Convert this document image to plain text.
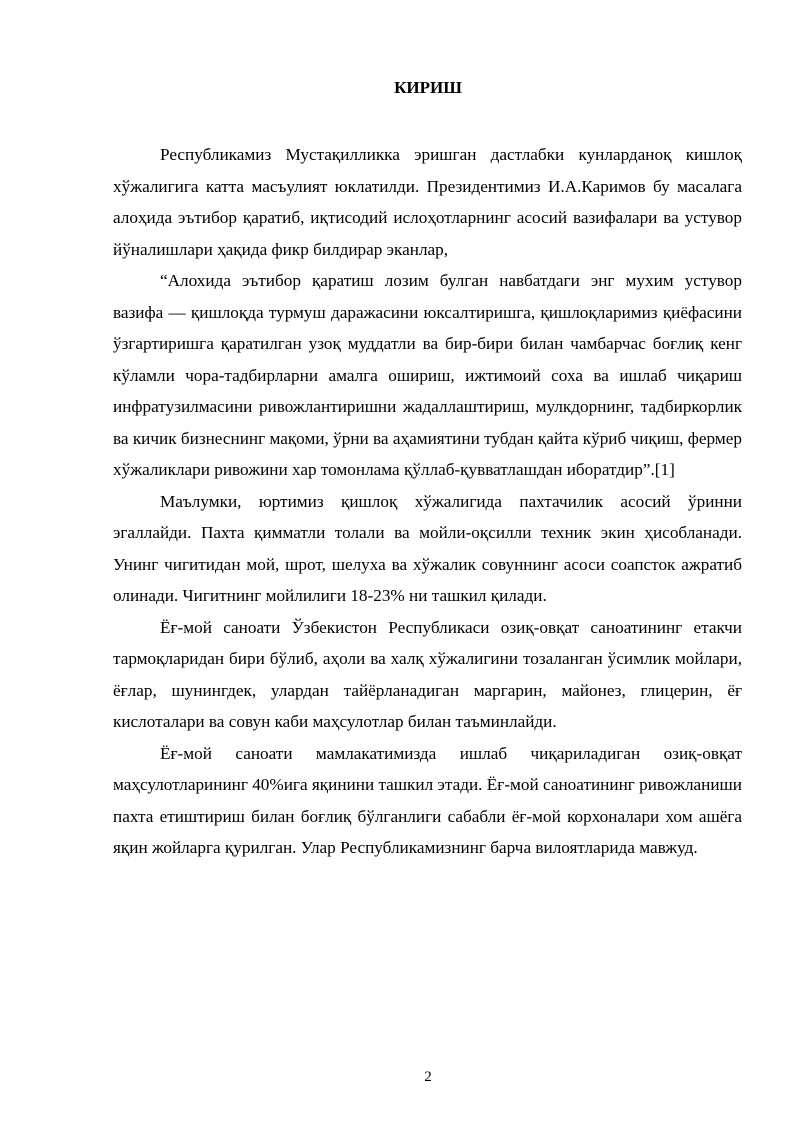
КИРИШ

Республикамиз Мустақилликка эришган дастлабки кунларданоқ кишлоқ хўжалигига катта масъулият юклатилди. Президентимиз И.А.Каримов бу масалага алоҳида эътибор қаратиб, иқтисодий ислоҳотларнинг асосий вазифалари ва устувор йўналишлари ҳақида фикр билдирар эканлар,

“Алохида эътибор қаратиш лозим булган навбатдаги энг мухим устувор вазифа — қишлоқда турмуш даражасини юксалтиришга, қишлоқларимиз қиёфасини ўзгартиришга қаратилган узоқ муддатли ва бир-бири билан чамбарчас боғлиқ кенг кўламли чора-тадбирларни амалга ошириш, ижтимоий соха ва ишлаб чиқариш инфратузилмасини ривожлантиришни жадаллаштириш, мулкдорнинг, тадбиркорлик ва кичик бизнеснинг мақоми, ўрни ва аҳамиятини тубдан қайта кўриб чиқиш, фермер хўжаликлари ривожини хар томонлама қўллаб-қувватлашдан иборатдир”.[1]

Маълумки, юртимиз қишлоқ хўжалигида пахтачилик асосий ўринни эгаллайди. Пахта қимматли толали ва мойли-оқсилли техник экин ҳисобланади. Унинг чигитидан мой, шрот, шелуха ва хўжалик совуннинг асоси соапсток ажратиб олинади. Чигитнинг мойлилиги 18-23% ни ташкил қилади.

Ёғ-мой саноати Ўзбекистон Республикаси озиқ-овқат саноатининг етакчи тармоқларидан бири бўлиб, аҳоли ва халқ хўжалигини тозаланган ўсимлик мойлари, ёғлар, шунингдек, улардан тайёрланадиган маргарин, майонез, глицерин, ёғ кислоталари ва совун каби маҳсулотлар билан таъминлайди.

Ёғ-мой саноати мамлакатимизда ишлаб чиқариладиган озиқ-овқат маҳсулотларининг 40%ига яқинини ташкил этади. Ёғ-мой саноатининг ривожланиши пахта етиштириш билан боғлиқ бўлганлиги сабабли ёғ-мой корхоналари хом ашёга яқин жойларга қурилган. Улар Республикамизнинг барча вилоятларида мавжуд.

2
